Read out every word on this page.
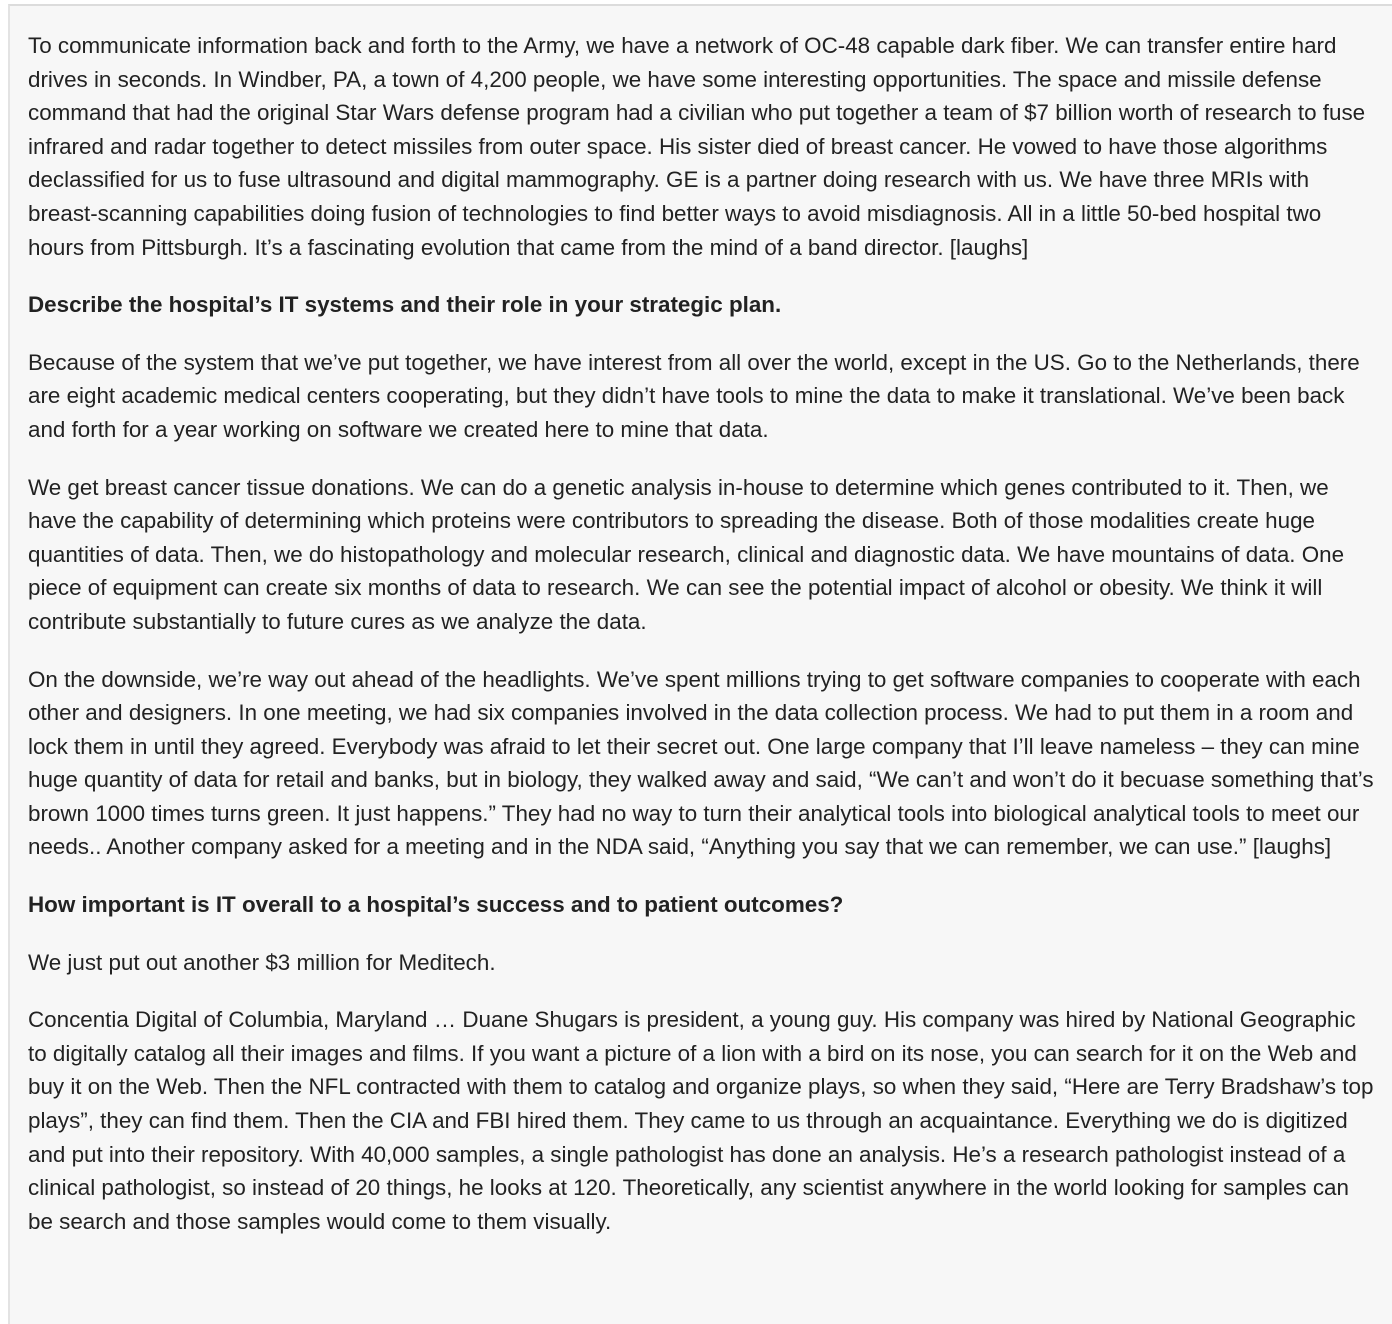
To communicate information back and forth to the Army, we have a network of OC-48 capable dark fiber. We can transfer entire hard drives in seconds. In Windber, PA, a town of 4,200 people, we have some interesting opportunities. The space and missile defense command that had the original Star Wars defense program had a civilian who put together a team of $7 billion worth of research to fuse infrared and radar together to detect missiles from outer space. His sister died of breast cancer. He vowed to have those algorithms declassified for us to fuse ultrasound and digital mammography. GE is a partner doing research with us. We have three MRIs with breast-scanning capabilities doing fusion of technologies to find better ways to avoid misdiagnosis. All in a little 50-bed hospital two hours from Pittsburgh. It’s a fascinating evolution that came from the mind of a band director. [laughs]

Describe the hospital’s IT systems and their role in your strategic plan.

Because of the system that we’ve put together, we have interest from all over the world, except in the US. Go to the Netherlands, there are eight academic medical centers cooperating, but they didn’t have tools to mine the data to make it translational. We’ve been back and forth for a year working on software we created here to mine that data.

We get breast cancer tissue donations. We can do a genetic analysis in-house to determine which genes contributed to it. Then, we have the capability of determining which proteins were contributors to spreading the disease. Both of those modalities create huge quantities of data. Then, we do histopathology and molecular research, clinical and diagnostic data. We have mountains of data. One piece of equipment can create six months of data to research. We can see the potential impact of alcohol or obesity. We think it will contribute substantially to future cures as we analyze the data.

On the downside, we’re way out ahead of the headlights. We’ve spent millions trying to get software companies to cooperate with each other and designers. In one meeting, we had six companies involved in the data collection process. We had to put them in a room and lock them in until they agreed. Everybody was afraid to let their secret out. One large company that I’ll leave nameless – they can mine huge quantity of data for retail and banks, but in biology, they walked away and said, “We can’t and won’t do it becuase something that’s brown 1000 times turns green. It just happens.” They had no way to turn their analytical tools into biological analytical tools to meet our needs.. Another company asked for a meeting and in the NDA said, “Anything you say that we can remember, we can use.” [laughs]

How important is IT overall to a hospital’s success and to patient outcomes?

We just put out another $3 million for Meditech.

Concentia Digital of Columbia, Maryland … Duane Shugars is president, a young guy. His company was hired by National Geographic to digitally catalog all their images and films. If you want a picture of a lion with a bird on its nose, you can search for it on the Web and buy it on the Web. Then the NFL contracted with them to catalog and organize plays, so when they said, “Here are Terry Bradshaw’s top plays”, they can find them. Then the CIA and FBI hired them. They came to us through an acquaintance. Everything we do is digitized and put into their repository. With 40,000 samples, a single pathologist has done an analysis. He’s a research pathologist instead of a clinical pathologist, so instead of 20 things, he looks at 120. Theoretically, any scientist anywhere in the world looking for samples can be search and those samples would come to them visually.
